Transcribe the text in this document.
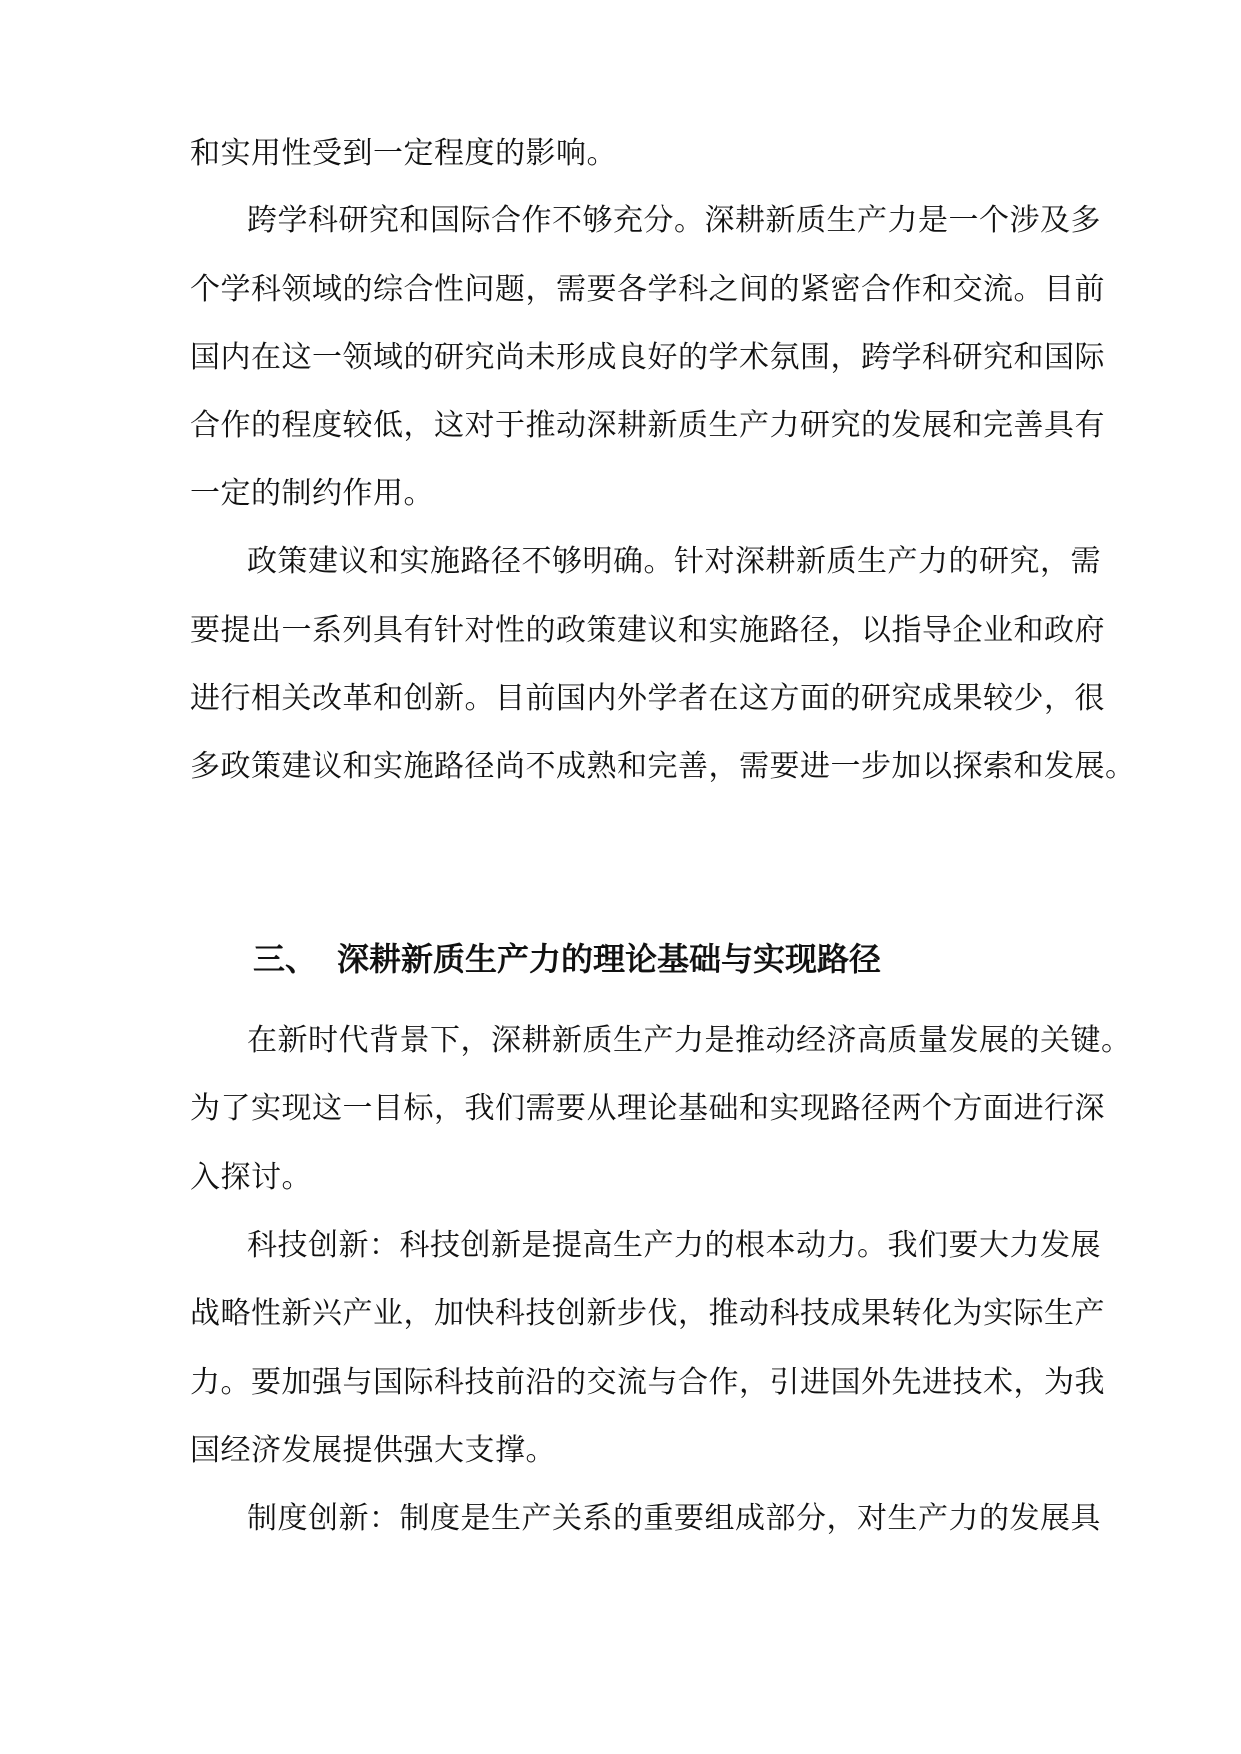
和实用性受到一定程度的影响。
跨学科研究和国际合作不够充分。深耕新质生产力是一个涉及多
个学科领域的综合性问题，需要各学科之间的紧密合作和交流。目前
国内在这一领域的研究尚未形成良好的学术氛围，跨学科研究和国际
合作的程度较低，这对于推动深耕新质生产力研究的发展和完善具有
一定的制约作用。
政策建议和实施路径不够明确。针对深耕新质生产力的研究，需
要提出一系列具有针对性的政策建议和实施路径，以指导企业和政府
进行相关改革和创新。目前国内外学者在这方面的研究成果较少，很
多政策建议和实施路径尚不成熟和完善，需要进一步加以探索和发展。
三、 深耕新质生产力的理论基础与实现路径
在新时代背景下，深耕新质生产力是推动经济高质量发展的关键。
为了实现这一目标，我们需要从理论基础和实现路径两个方面进行深
入探讨。
科技创新：科技创新是提高生产力的根本动力。我们要大力发展
战略性新兴产业，加快科技创新步伐，推动科技成果转化为实际生产
力。要加强与国际科技前沿的交流与合作，引进国外先进技术，为我
国经济发展提供强大支撑。
制度创新：制度是生产关系的重要组成部分，对生产力的发展具
